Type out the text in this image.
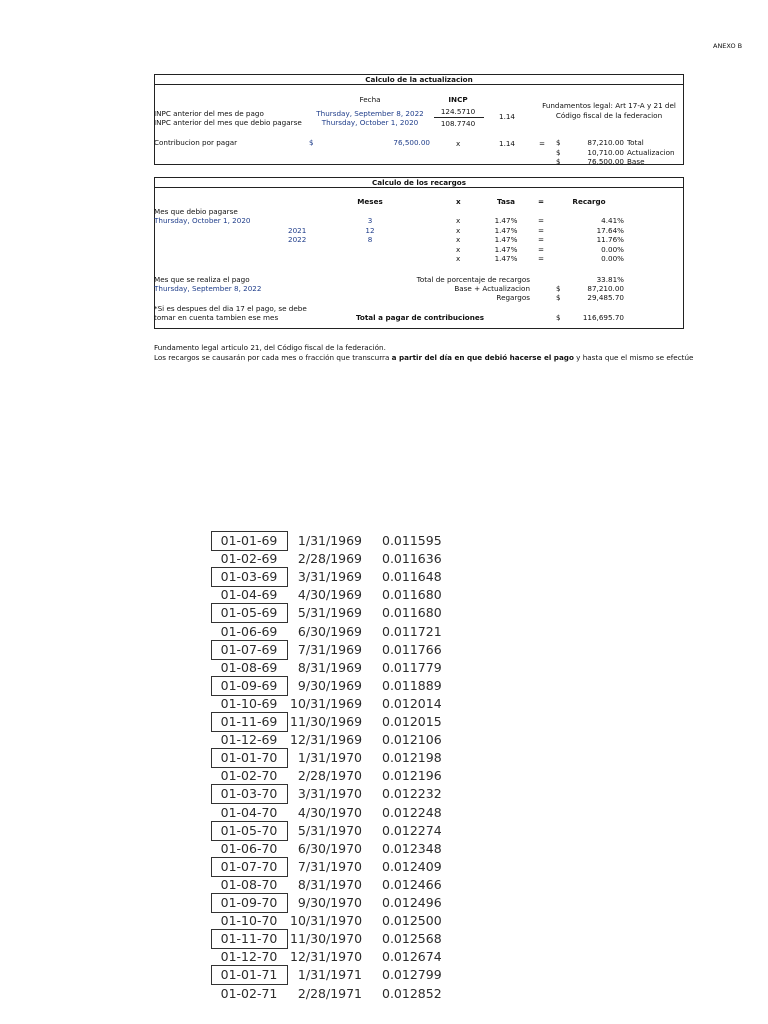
ANEXO B
Calculo de la actualizacion
Fecha	INCP
INPC anterior del mes de pago	Thursday, September 8, 2022	124.5710
INPC anterior del mes que debio pagarse	Thursday, October 1, 2020	108.7740
1.14
Fundamentos legal: Art 17-A y 21 del
Código fiscal de la federacion
Contribucion por pagar	$	76,500.00	x	1.14	= $	87,210.00 Total
$	10,710.00 Actualizacion
$	76,500.00 Base
Calculo de los recargos
Meses	x	Tasa	=	Recargo
Mes que debio pagarse
Thursday, October 1, 2020	3	x	1.47%	=	4.41%
2021	12	x	1.47%	=	17.64%
2022	8	x	1.47%	=	11.76%
x	1.47%	=	0.00%
x	1.47%	=	0.00%
Mes que se realiza el pago
Thursday, September 8, 2022
Total de porcentaje de recargos	33.81%
Base + Actualizacion	$	87,210.00
Regargos	$	29,485.70
*Si es despues del dia 17 el pago, se debe
tomar en cuenta tambien ese mes	Total a pagar de contribuciones	$	116,695.70
Fundamento legal articulo 21, del Código fiscal de la federación.
Los recargos se causarán por cada mes o fracción que transcurra a partir del día en que debió hacerse el pago y hasta que el mismo se efectúe
01-01-69	1/31/1969 0.011595
01-02-69	2/28/1969 0.011636
01-03-69	3/31/1969 0.011648
01-04-69	4/30/1969 0.011680
01-05-69	5/31/1969 0.011680
01-06-69	6/30/1969 0.011721
01-07-69	7/31/1969 0.011766
01-08-69	8/31/1969 0.011779
01-09-69	9/30/1969 0.011889
01-10-69	10/31/1969 0.012014
01-11-69	11/30/1969 0.012015
01-12-69	12/31/1969 0.012106
01-01-70	1/31/1970 0.012198
01-02-70	2/28/1970 0.012196
01-03-70	3/31/1970 0.012232
01-04-70	4/30/1970 0.012248
01-05-70	5/31/1970 0.012274
01-06-70	6/30/1970 0.012348
01-07-70	7/31/1970 0.012409
01-08-70	8/31/1970 0.012466
01-09-70	9/30/1970 0.012496
01-10-70	10/31/1970 0.012500
01-11-70	11/30/1970 0.012568
01-12-70	12/31/1970 0.012674
01-01-71	1/31/1971 0.012799
01-02-71	2/28/1971 0.012852
